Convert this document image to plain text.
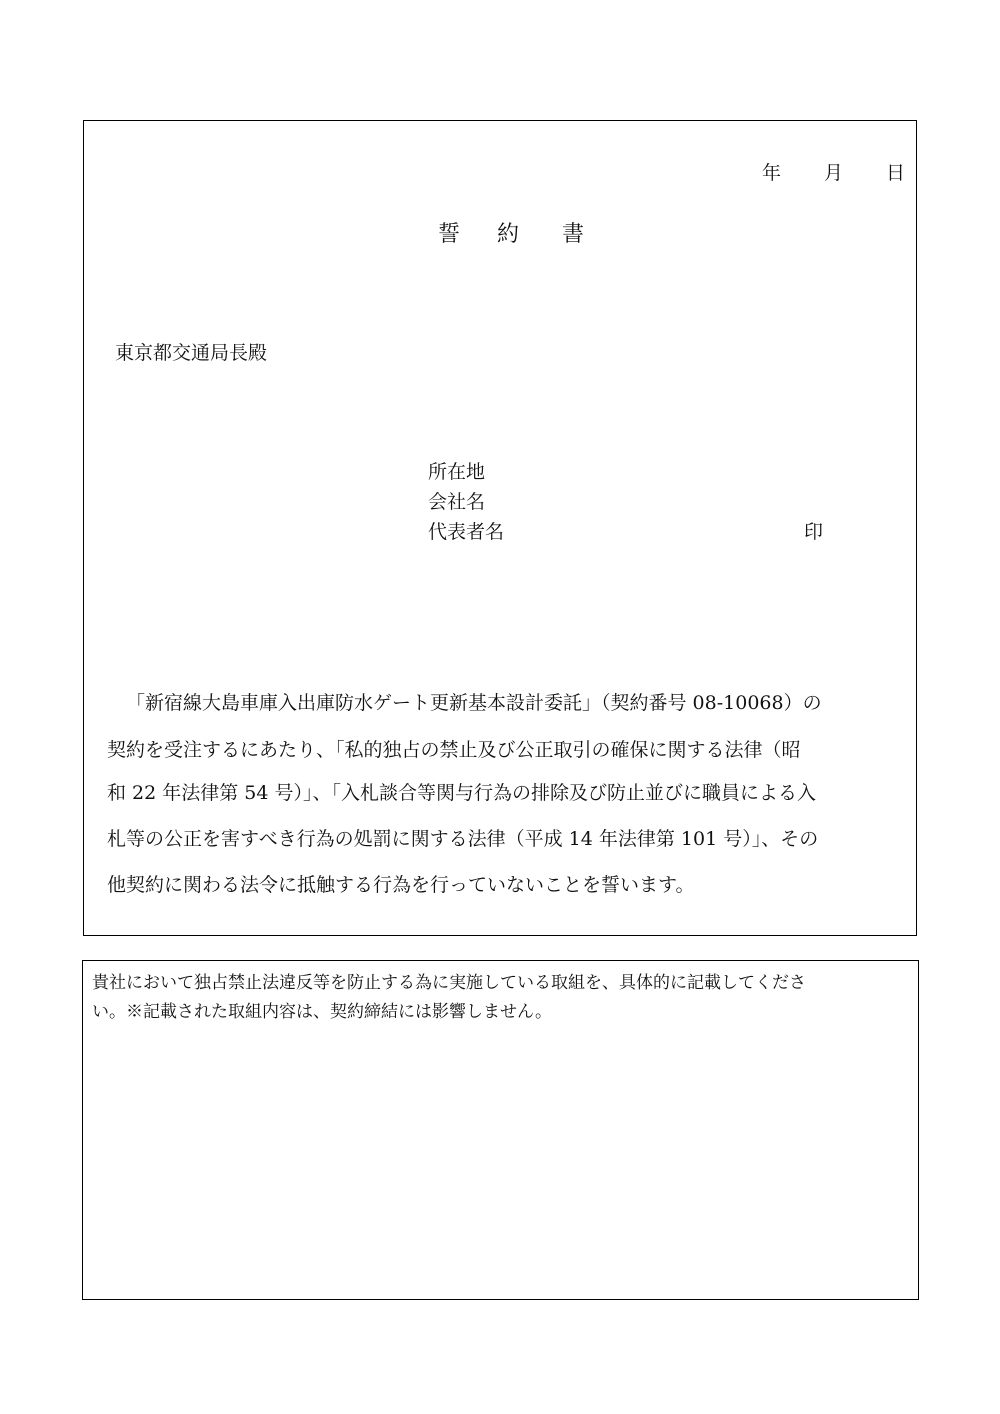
年 月 日
誓 約 書
東京都交通局長殿
所在地
会社名
代表者名	印
「新宿線大島車庫入出庫防水ゲート更新基本設計委託」（契約番号 08-10068）の
契約を受注するにあたり、「私的独占の禁止及び公正取引の確保に関する法律（昭
和 22 年法律第 54 号）」、「入札談合等関与行為の排除及び防止並びに職員による入
札等の公正を害すべき行為の処罰に関する法律（平成 14 年法律第 101 号）」、その
他契約に関わる法令に抵触する行為を行っていないことを誓います。
貴社において独占禁止法違反等を防止する為に実施している取組を、具体的に記載してくださ
い。※記載された取組内容は、契約締結には影響しません。
